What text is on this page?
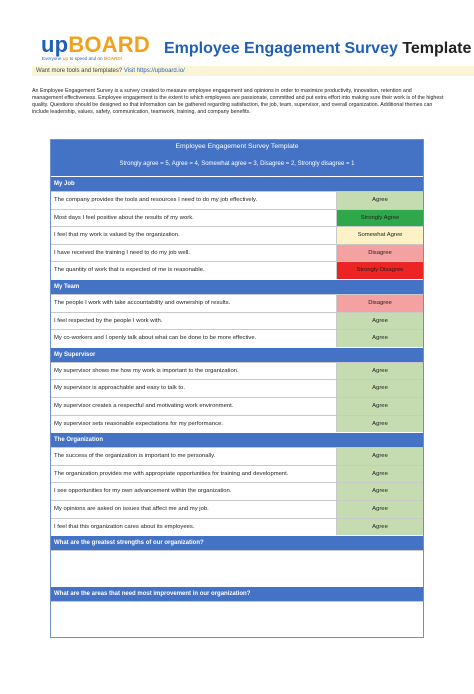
upBOARD
Everyone up to speed and on BOARD!
Employee Engagement Survey Template
Want more tools and templates? Visit https://upboard.io/
An Employee Engagement Survey is a survey created to measure employee engagement and opinions in order to maximize productivity, innovation, retention and management effectiveness. Employee engagement is the extent to which employees are passionate, committed and put extra effort into making sure their work is of the highest quality. Questions should be designed so that information can be gathered regarding satisfaction, the job, team, supervisor, and overall organization. Additional themes can include leadership, values, safety, communication, teamwork, training, and company benefits.
Employee Engagement Survey Template
Strongly agree = 5, Agree = 4, Somewhat agree = 3, Disagree = 2, Strongly disagree = 1
My Job
The company provides the tools and resources I need to do my job effectively.	Agree
Most days I feel positive about the results of my work.	Strongly Agree
I feel that my work is valued by the organization.	Somewhat Agree
I have received the training I need to do my job well.	Disagree
The quantity of work that is expected of me is reasonable.	Strongly Disagree
My Team
The people I work with take accountability and ownership of results.	Disagree
I feel respected by the people I work with.	Agree
My co-workers and I openly talk about what can be done to be more effective.	Agree
My Supervisor
My supervisor shows me how my work is important to the organization.	Agree
My supervisor is approachable and easy to talk to.	Agree
My supervisor creates a respectful and motivating work environment.	Agree
My supervisor sets reasonable expectations for my performance.	Agree
The Organization
The success of the organization is important to me personally.	Agree
The organization provides me with appropriate opportunities for training and development.	Agree
I see opportunities for my own advancement within the organization.	Agree
My opinions are asked on issues that affect me and my job.	Agree
I feel that this organization cares about its employees.	Agree
What are the greatest strengths of our organization?
What are the areas that need most improvement in our organization?
